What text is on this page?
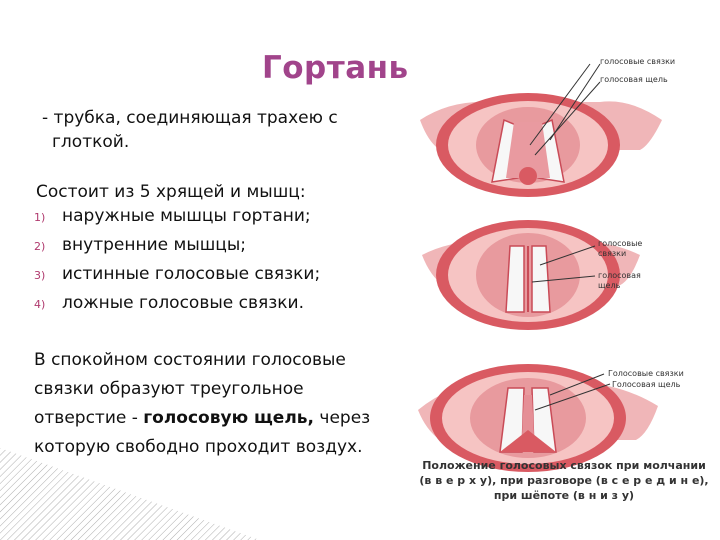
Гортань
- трубка, соединяющая трахею с
глоткой.
Состоит из 5 хрящей и мышц:
1) наружные мышцы гортани;
2) внутренние мышцы;
3) истинные голосовые связки;
4) ложные голосовые связки.
В спокойном состоянии голосовые
связки образуют треугольное
отверстие - голосовую щель, через
которую свободно проходит воздух.
голосовые связки
голосовая щель
голосовые
связки
голосовая
щель
Голосовые связки
Голосовая щель
Положение голосовых связок при молчании
(в в е р х у), при разговоре (в с е р е д и н е),
при шёпоте (в н и з у)
